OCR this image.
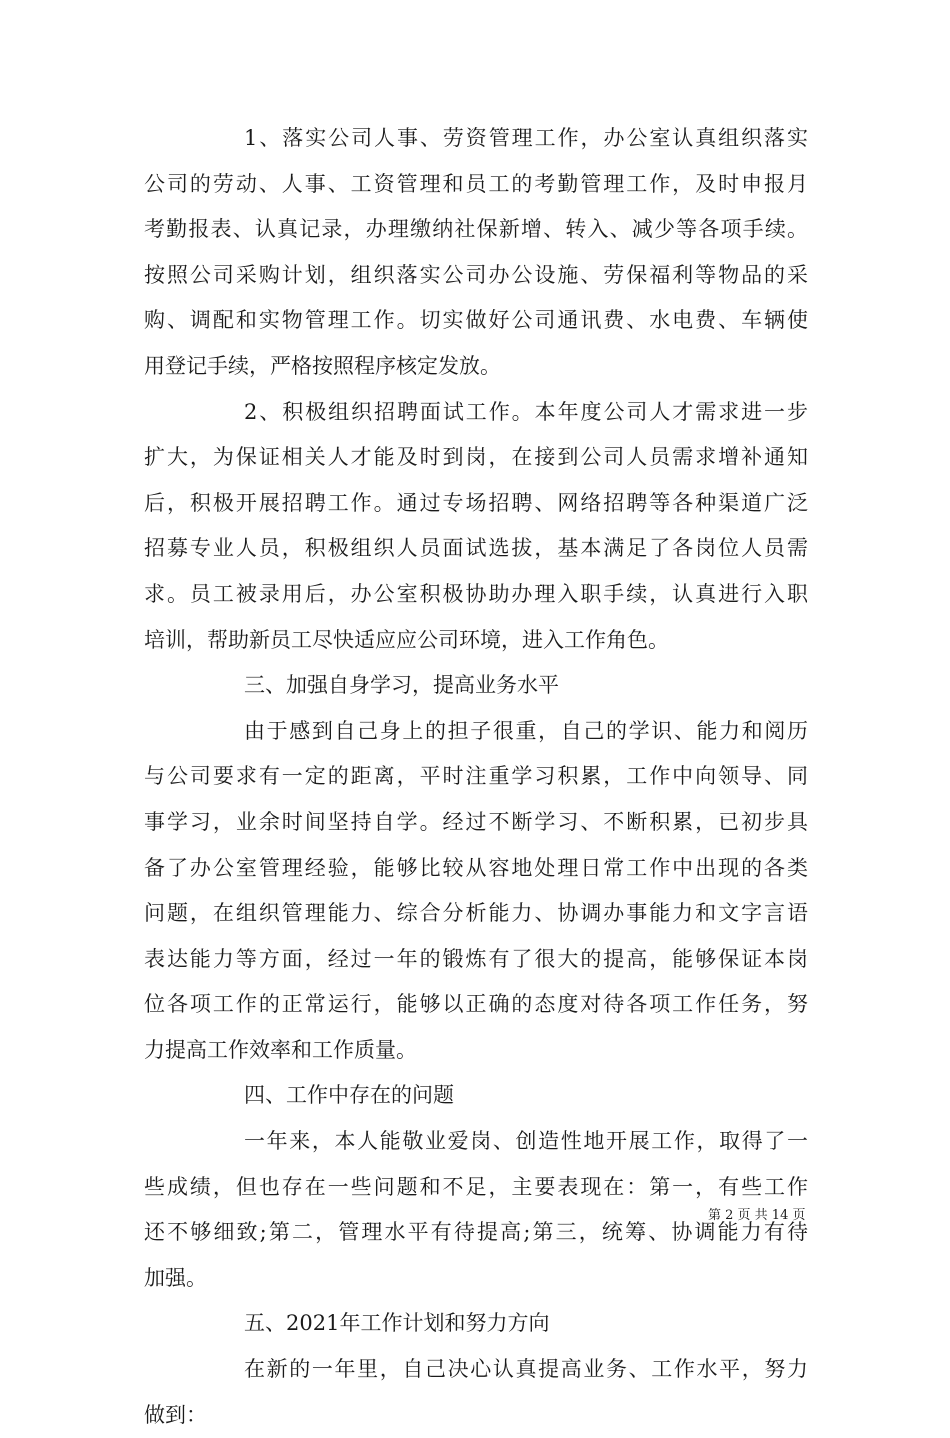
1、落实公司人事、劳资管理工作，办公室认真组织落实
公司的劳动、人事、工资管理和员工的考勤管理工作，及时申报月
考勤报表、认真记录，办理缴纳社保新增、转入、减少等各项手续。
按照公司采购计划，组织落实公司办公设施、劳保福利等物品的采
购、调配和实物管理工作。切实做好公司通讯费、水电费、车辆使
用登记手续，严格按照程序核定发放。
2、积极组织招聘面试工作。本年度公司人才需求进一步
扩大，为保证相关人才能及时到岗，在接到公司人员需求增补通知
后，积极开展招聘工作。通过专场招聘、网络招聘等各种渠道广泛
招募专业人员，积极组织人员面试选拔，基本满足了各岗位人员需
求。员工被录用后，办公室积极协助办理入职手续，认真进行入职
培训，帮助新员工尽快适应应公司环境，进入工作角色。
三、加强自身学习，提高业务水平
由于感到自己身上的担子很重，自己的学识、能力和阅历
与公司要求有一定的距离，平时注重学习积累，工作中向领导、同
事学习，业余时间坚持自学。经过不断学习、不断积累，已初步具
备了办公室管理经验，能够比较从容地处理日常工作中出现的各类
问题，在组织管理能力、综合分析能力、协调办事能力和文字言语
表达能力等方面，经过一年的锻炼有了很大的提高，能够保证本岗
位各项工作的正常运行，能够以正确的态度对待各项工作任务，努
力提高工作效率和工作质量。
四、工作中存在的问题
一年来，本人能敬业爱岗、创造性地开展工作，取得了一
些成绩，但也存在一些问题和不足，主要表现在：第一，有些工作
还不够细致;第二，管理水平有待提高;第三，统筹、协调能力有待
加强。
五、2021年工作计划和努力方向
在新的一年里，自己决心认真提高业务、工作水平，努力
做到：
第 2 页 共 14 页
